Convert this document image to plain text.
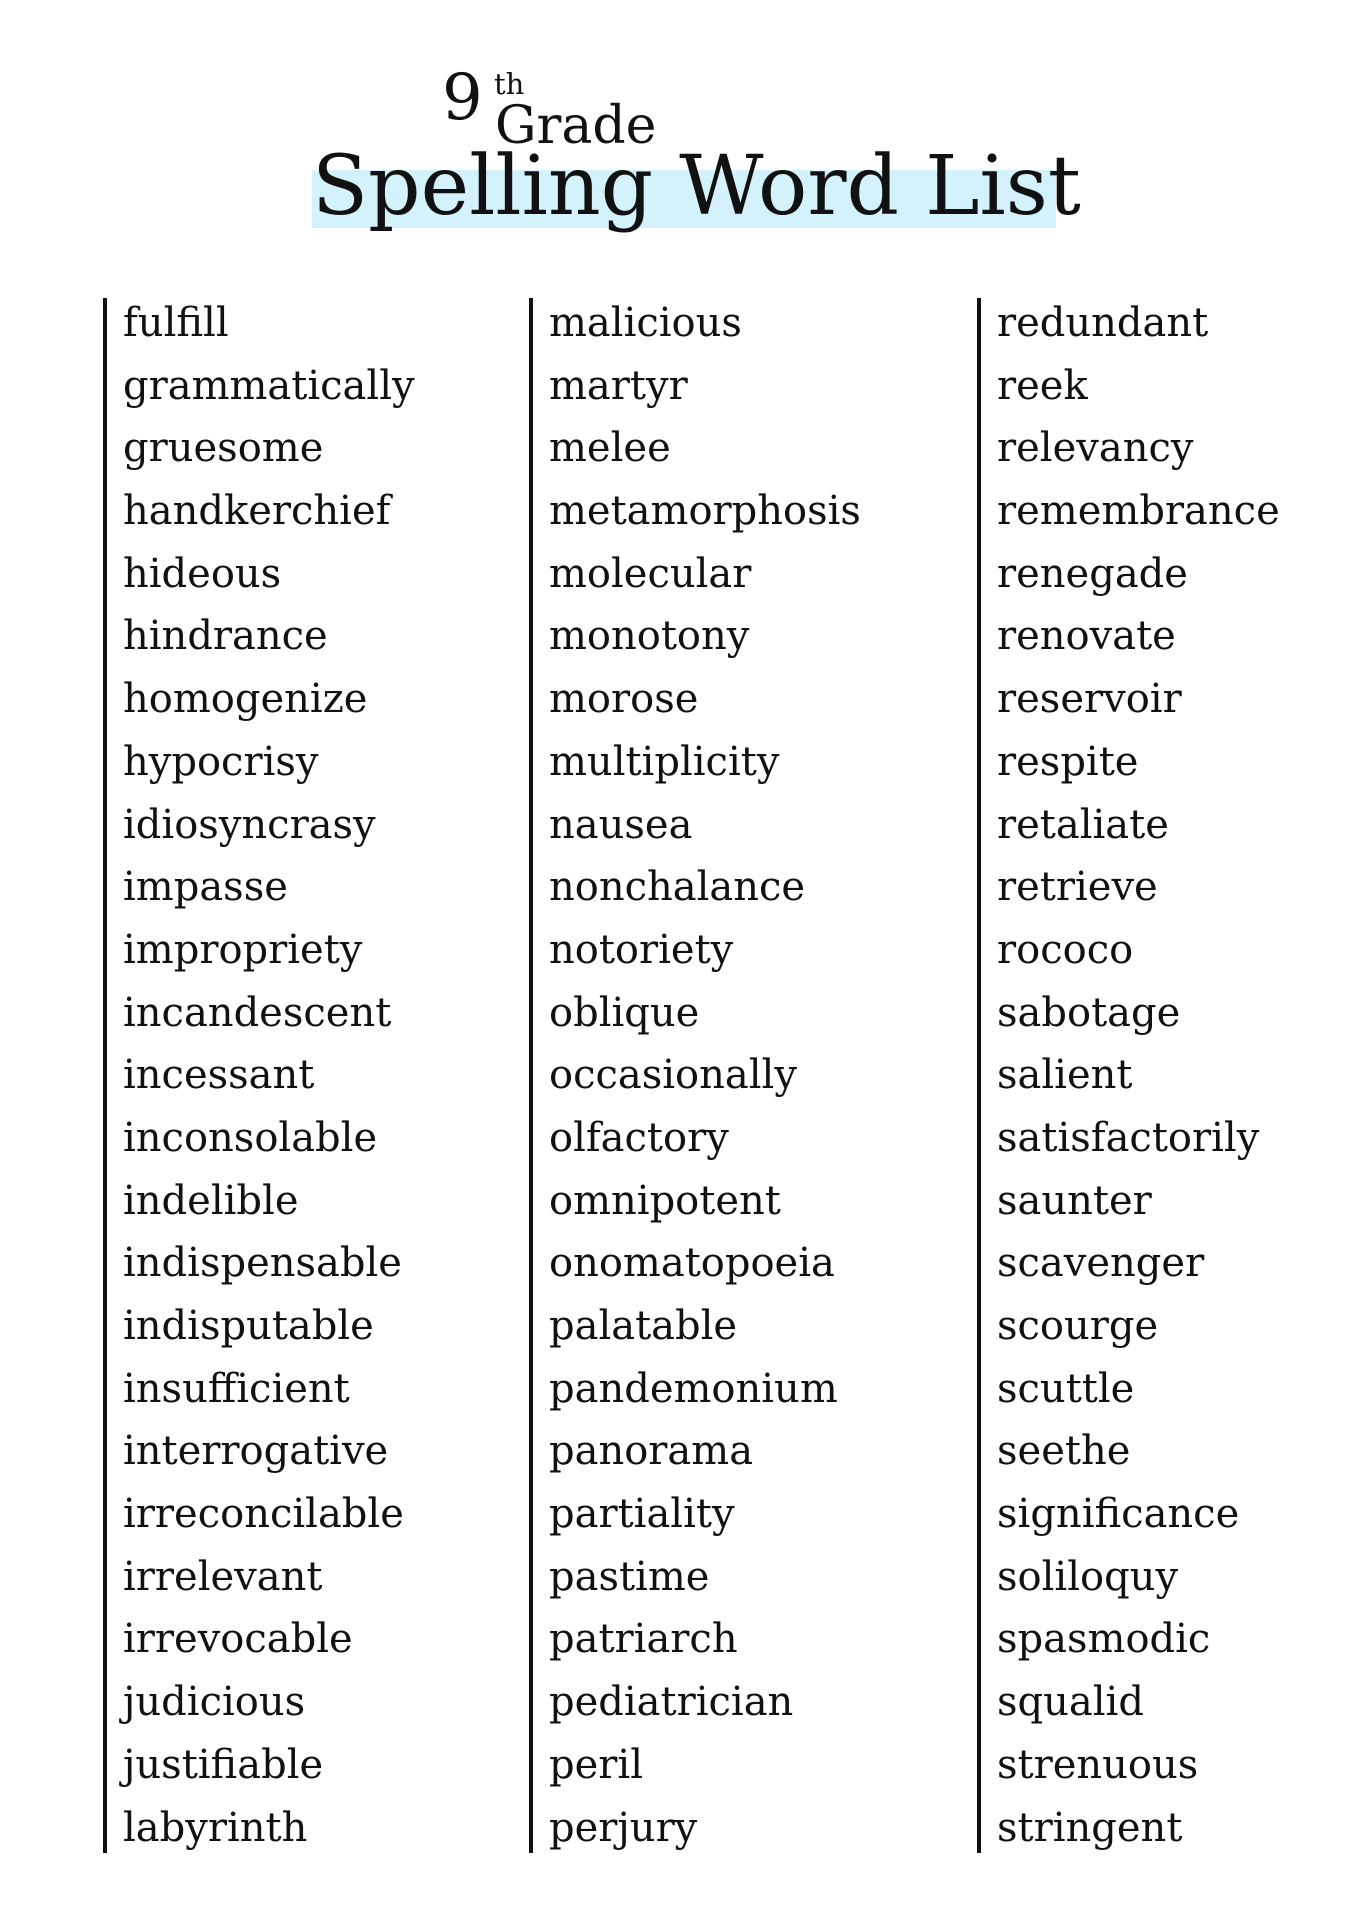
9 th
Grade
Spelling Word List
fulfill
grammatically
gruesome
handkerchief
hideous
hindrance
homogenize
hypocrisy
idiosyncrasy
impasse
impropriety
incandescent
incessant
inconsolable
indelible
indispensable
indisputable
insufficient
interrogative
irreconcilable
irrelevant
irrevocable
judicious
justifiable
labyrinth
malicious
martyr
melee
metamorphosis
molecular
monotony
morose
multiplicity
nausea
nonchalance
notoriety
oblique
occasionally
olfactory
omnipotent
onomatopoeia
palatable
pandemonium
panorama
partiality
pastime
patriarch
pediatrician
peril
perjury
redundant
reek
relevancy
remembrance
renegade
renovate
reservoir
respite
retaliate
retrieve
rococo
sabotage
salient
satisfactorily
saunter
scavenger
scourge
scuttle
seethe
significance
soliloquy
spasmodic
squalid
strenuous
stringent
